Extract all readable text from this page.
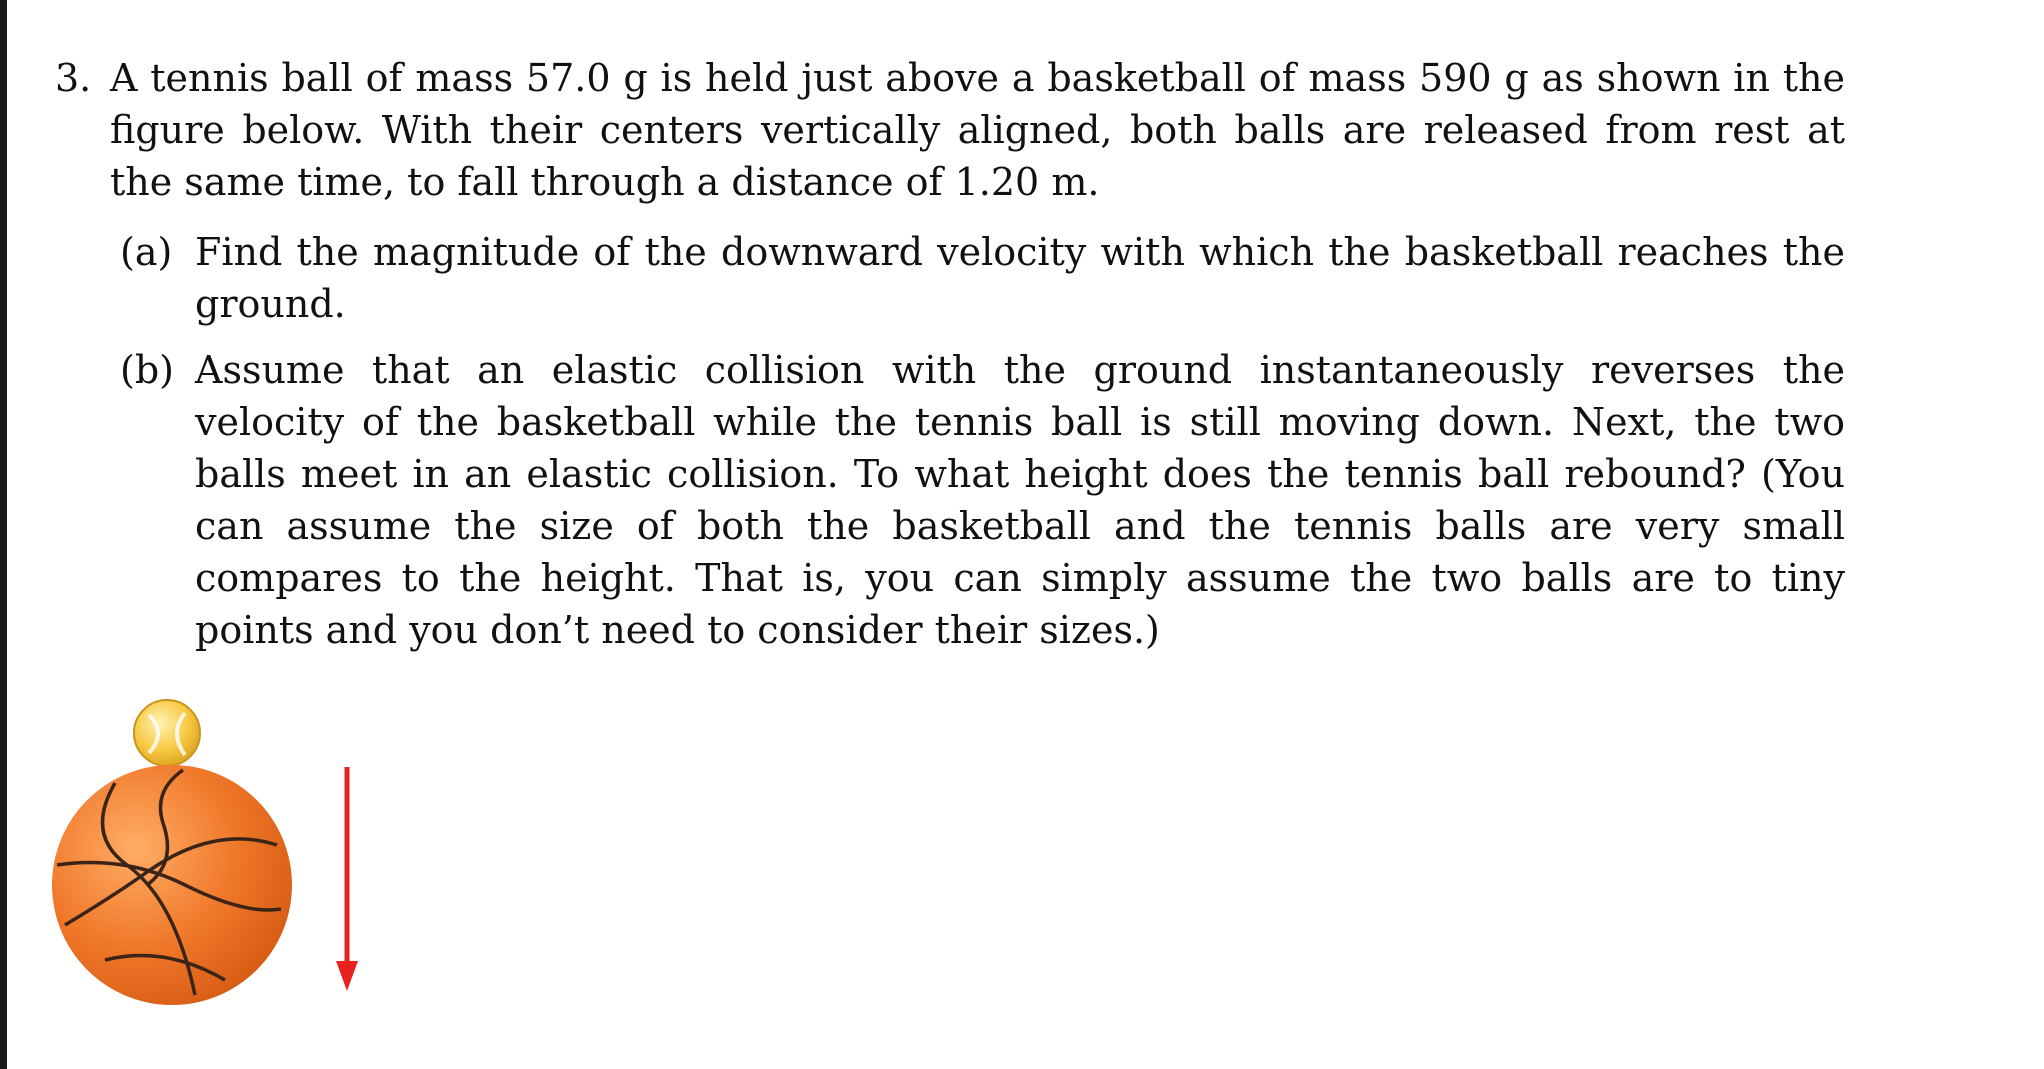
3. A tennis ball of mass 57.0 g is held just above a basketball of mass 590 g as shown in the figure below. With their centers vertically aligned, both balls are released from rest at the same time, to fall through a distance of 1.20 m.
(a) Find the magnitude of the downward velocity with which the basketball reaches the ground.
(b) Assume that an elastic collision with the ground instantaneously reverses the velocity of the basketball while the tennis ball is still moving down. Next, the two balls meet in an elastic collision. To what height does the tennis ball rebound? (You can assume the size of both the basketball and the tennis balls are very small compares to the height. That is, you can simply assume the two balls are to tiny points and you don’t need to consider their sizes.)
